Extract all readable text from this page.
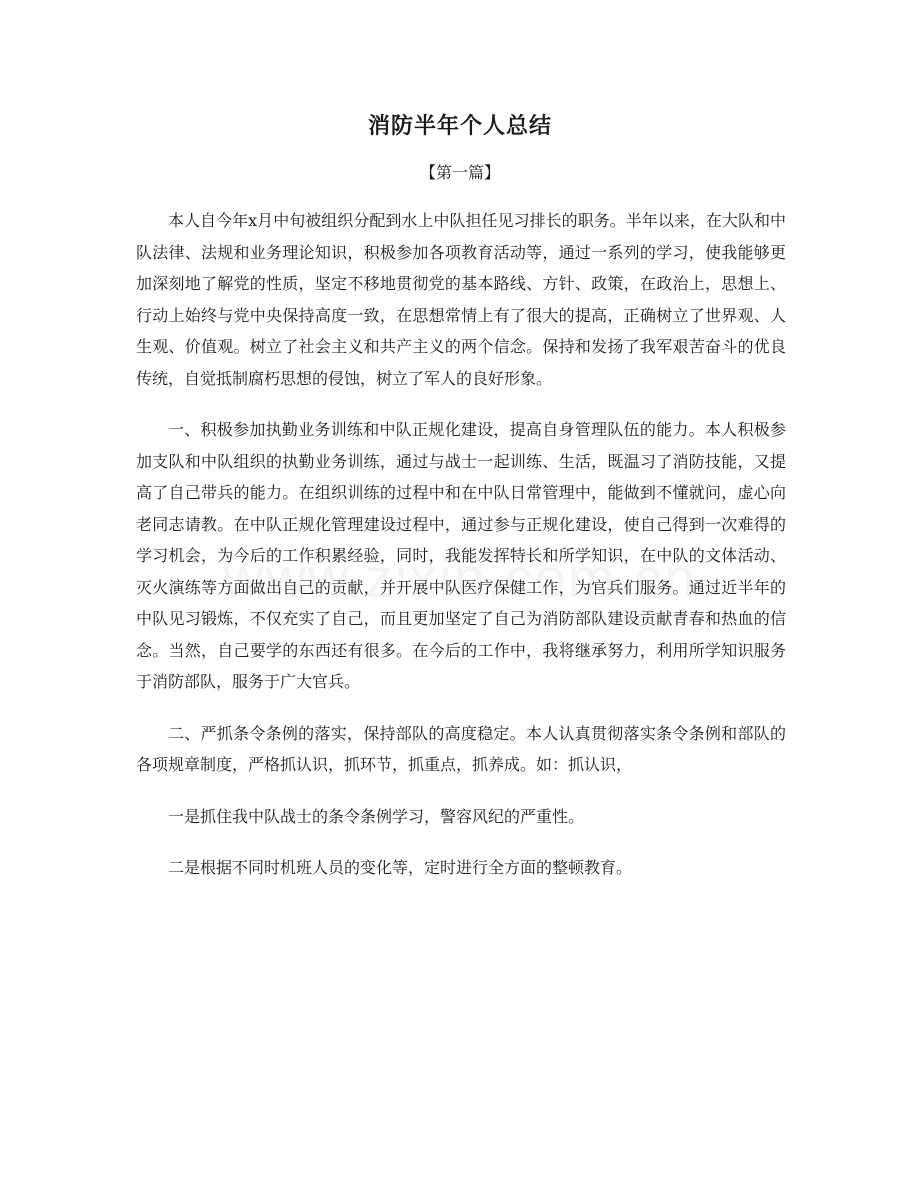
消防半年个人总结
【第一篇】

本人自今年x月中旬被组织分配到水上中队担任见习排长的职务。半年以来，在大队和中队法律、法规和业务理论知识，积极参加各项教育活动等，通过一系列的学习，使我能够更加深刻地了解党的性质，坚定不移地贯彻党的基本路线、方针、政策，在政治上，思想上、行动上始终与党中央保持高度一致，在思想常情上有了很大的提高，正确树立了世界观、人生观、价值观。树立了社会主义和共产主义的两个信念。保持和发扬了我军艰苦奋斗的优良传统，自觉抵制腐朽思想的侵蚀，树立了军人的良好形象。

一、积极参加执勤业务训练和中队正规化建设，提高自身管理队伍的能力。本人积极参加支队和中队组织的执勤业务训练，通过与战士一起训练、生活，既温习了消防技能，又提高了自己带兵的能力。在组织训练的过程中和在中队日常管理中，能做到不懂就问，虚心向老同志请教。在中队正规化管理建设过程中，通过参与正规化建设，使自己得到一次难得的学习机会，为今后的工作积累经验，同时，我能发挥特长和所学知识，在中队的文体活动、灭火演练等方面做出自己的贡献，并开展中队医疗保健工作，为官兵们服务。通过近半年的中队见习锻炼，不仅充实了自己，而且更加坚定了自己为消防部队建设贡献青春和热血的信念。当然，自己要学的东西还有很多。在今后的工作中，我将继承努力，利用所学知识服务于消防部队，服务于广大官兵。

二、严抓条令条例的落实，保持部队的高度稳定。本人认真贯彻落实条令条例和部队的各项规章制度，严格抓认识，抓环节，抓重点，抓养成。如：抓认识，

一是抓住我中队战士的条令条例学习，警容风纪的严重性。

二是根据不同时机班人员的变化等，定时进行全方面的整顿教育。
